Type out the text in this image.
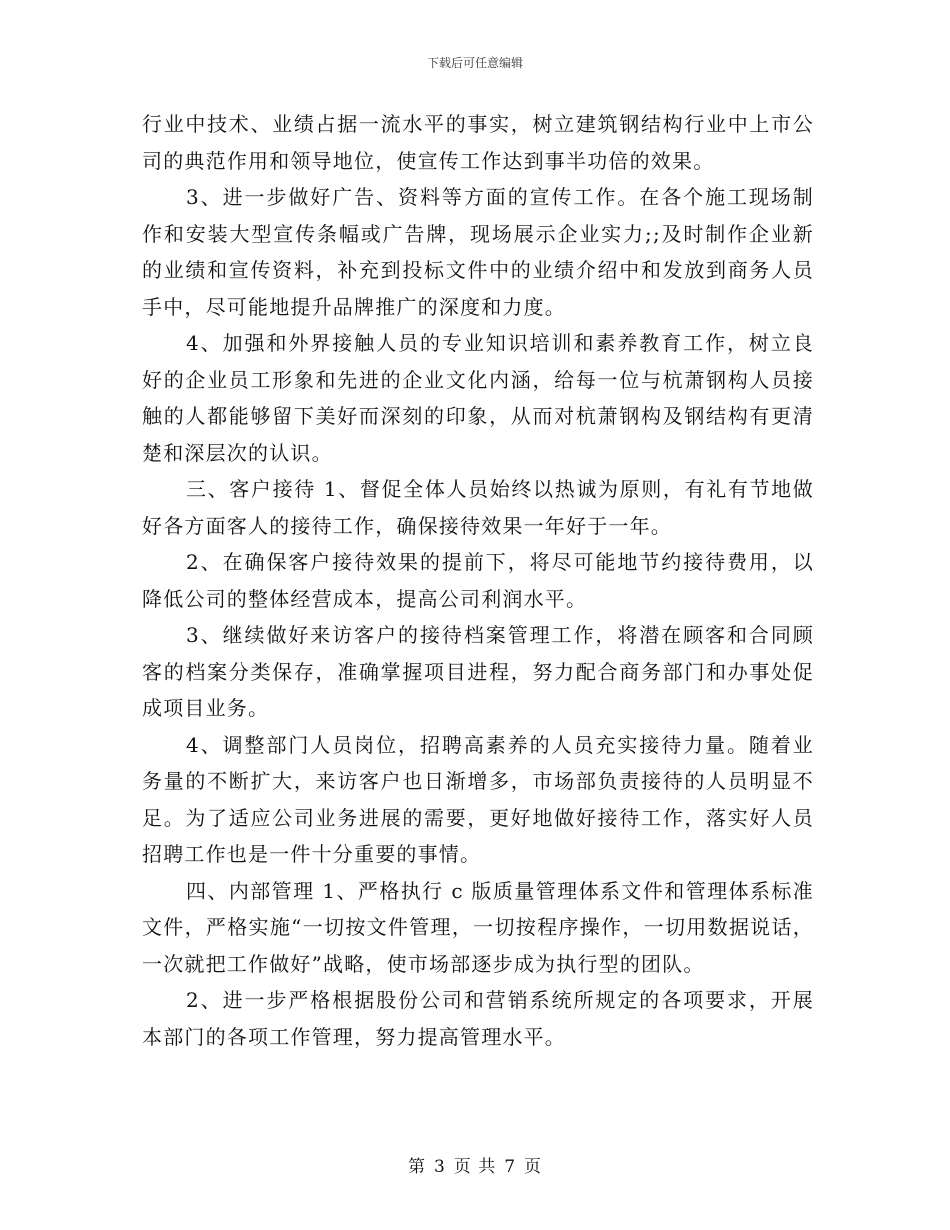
下载后可任意编辑

行业中技术、业绩占据一流水平的事实，树立建筑钢结构行业中上市公司的典范作用和领导地位，使宣传工作达到事半功倍的效果。

3、进一步做好广告、资料等方面的宣传工作。在各个施工现场制作和安装大型宣传条幅或广告牌，现场展示企业实力;;及时制作企业新的业绩和宣传资料，补充到投标文件中的业绩介绍中和发放到商务人员手中，尽可能地提升品牌推广的深度和力度。

4、加强和外界接触人员的专业知识培训和素养教育工作，树立良好的企业员工形象和先进的企业文化内涵，给每一位与杭萧钢构人员接触的人都能够留下美好而深刻的印象，从而对杭萧钢构及钢结构有更清楚和深层次的认识。

三、客户接待 1、督促全体人员始终以热诚为原则，有礼有节地做好各方面客人的接待工作，确保接待效果一年好于一年。

2、在确保客户接待效果的提前下，将尽可能地节约接待费用，以降低公司的整体经营成本，提高公司利润水平。

3、继续做好来访客户的接待档案管理工作，将潜在顾客和合同顾客的档案分类保存，准确掌握项目进程，努力配合商务部门和办事处促成项目业务。

4、调整部门人员岗位，招聘高素养的人员充实接待力量。随着业务量的不断扩大，来访客户也日渐增多，市场部负责接待的人员明显不足。为了适应公司业务进展的需要，更好地做好接待工作，落实好人员招聘工作也是一件十分重要的事情。

四、内部管理 1、严格执行 c 版质量管理体系文件和管理体系标准文件，严格实施“一切按文件管理，一切按程序操作，一切用数据说话，一次就把工作做好”战略，使市场部逐步成为执行型的团队。

2、进一步严格根据股份公司和营销系统所规定的各项要求，开展本部门的各项工作管理，努力提高管理水平。

第 3 页 共 7 页
